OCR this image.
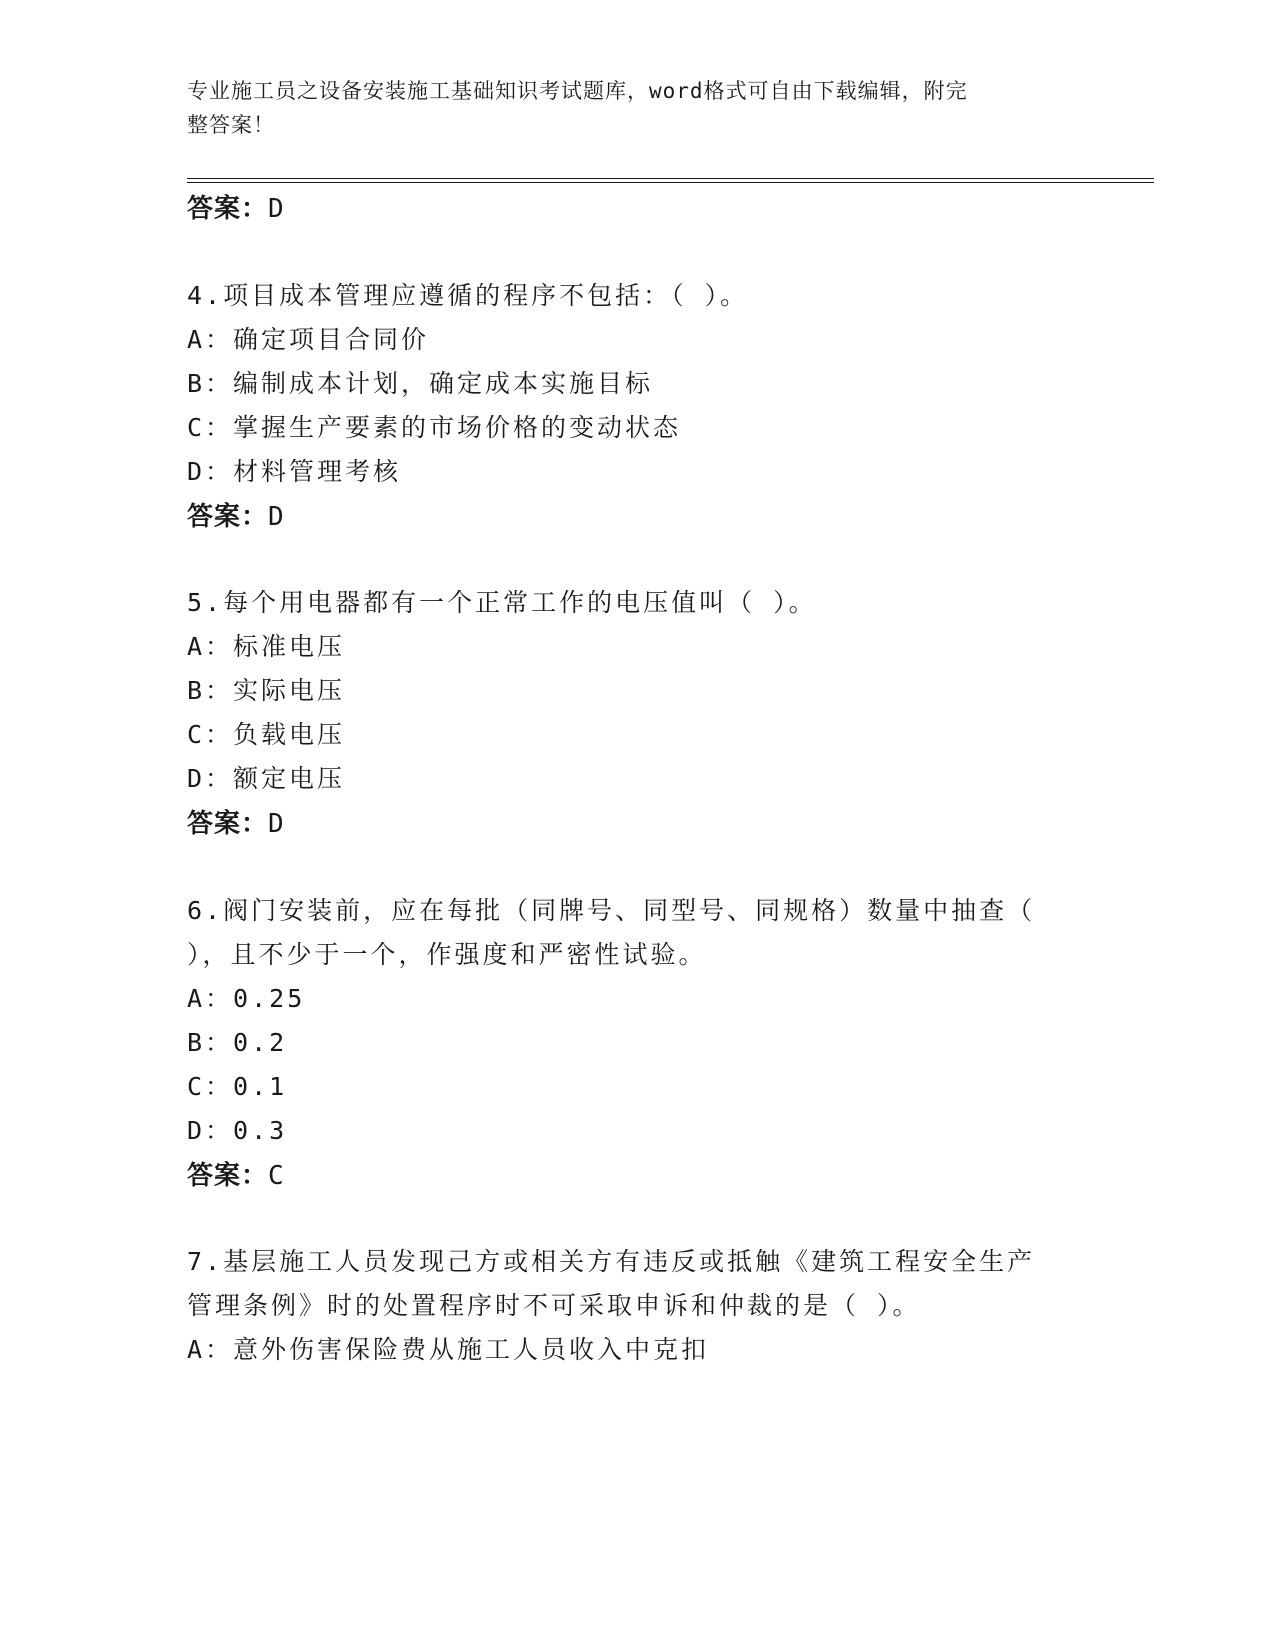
专业施工员之设备安装施工基础知识考试题库，word格式可自由下载编辑，附完
整答案！
答案：D
4.项目成本管理应遵循的程序不包括：（ ）。
A：确定项目合同价
B：编制成本计划，确定成本实施目标
C：掌握生产要素的市场价格的变动状态
D：材料管理考核
答案：D
5.每个用电器都有一个正常工作的电压值叫（ ）。
A：标准电压
B：实际电压
C：负载电压
D：额定电压
答案：D
6.阀门安装前，应在每批（同牌号、同型号、同规格）数量中抽查（
），且不少于一个，作强度和严密性试验。
A：0.25
B：0.2
C：0.1
D：0.3
答案：C
7.基层施工人员发现己方或相关方有违反或抵触《建筑工程安全生产
管理条例》时的处置程序时不可采取申诉和仲裁的是（ ）。
A：意外伤害保险费从施工人员收入中克扣
